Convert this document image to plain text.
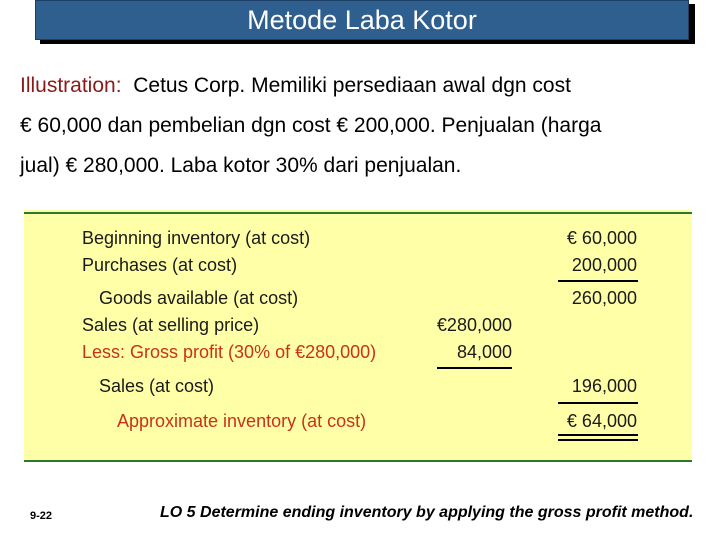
Metode Laba Kotor
Illustration: Cetus Corp. Memiliki persediaan awal dgn cost
€ 60,000 dan pembelian dgn cost € 200,000. Penjualan (harga
jual) € 280,000. Laba kotor 30% dari penjualan.
Beginning inventory (at cost)
Purchases (at cost)
Goods available (at cost)
Sales (at selling price)
Less: Gross profit (30% of €280,000)
Sales (at cost)
Approximate inventory (at cost)
€ 60,000
200,000
260,000
196,000
€ 64,000
€280,000
84,000
9-22	LO 5 Determine ending inventory by applying the gross profit method.
